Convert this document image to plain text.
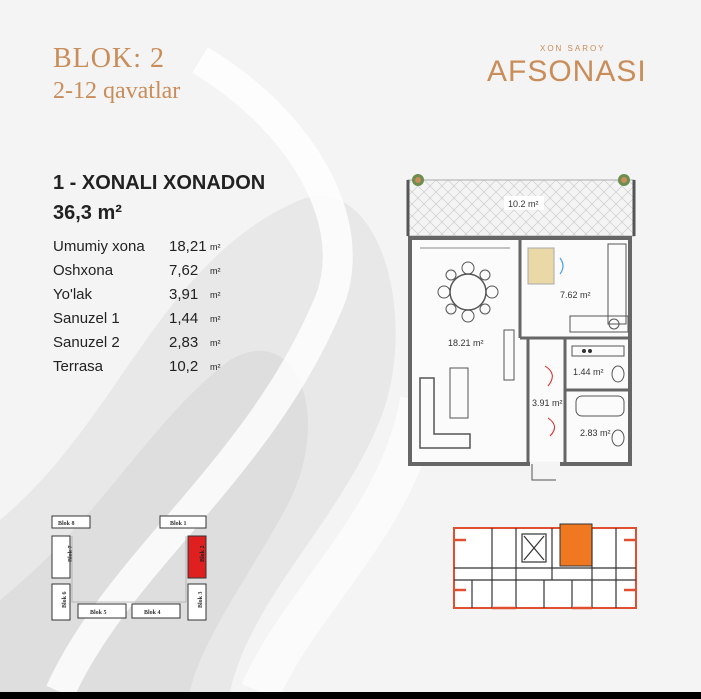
BLOK: 2
2-12 qavatlar
XON SAROY
AFSONASI
1 - XONALI XONADON
36,3 m²
Umumiy xona 18,21 m²
Oshxona	7,62 m²
Yo'lak	3,91 m²
Sanuzel 1	1,44 m²
Sanuzel 2	2,83 m²
Terrasa	10,2 m²
10.2 m²
18.21 m²
7.62 m²
1.44 m²
2.83 m²
3.91 m²
Blok 8	Blok 1
Blok 7	Blok 2
Blok 6	Blok 3
Blok 5	Blok 4
